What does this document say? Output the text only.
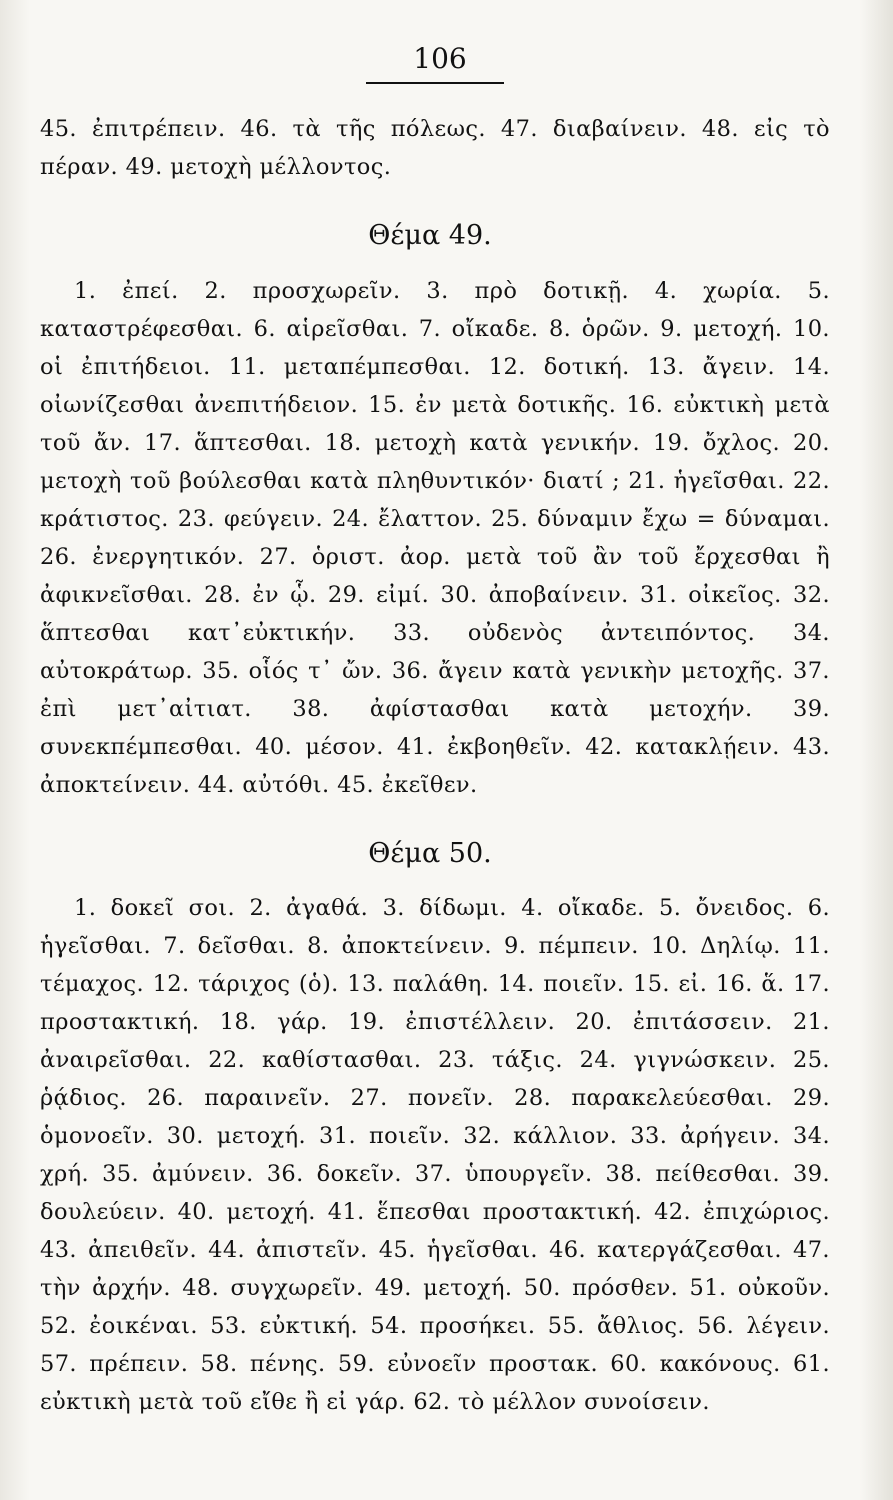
106
45. ἐπιτρέπειν. 46. τὰ τῆς πόλεως. 47. διαβαίνειν. 48. εἰς τὸ πέραν. 49. μετοχὴ μέλλοντος.
Θέμα 49.
1. ἐπεί. 2. προσχωρεῖν. 3. πρὸ δοτικῇ. 4. χωρία. 5. καταστρέφεσθαι. 6. αἱρεῖσθαι. 7. οἴκαδε. 8. ὁρῶν. 9. μετοχή. 10. οἱ ἐπιτήδειοι. 11. μεταπέμπεσθαι. 12. δοτική. 13. ἄγειν. 14. οἰωνίζεσθαι ἀνεπιτήδειον. 15. ἐν μετὰ δοτικῆς. 16. εὐκτικὴ μετὰ τοῦ ἄν. 17. ἅπτεσθαι. 18. μετοχὴ κατὰ γενικήν. 19. ὄχλος. 20. μετοχὴ τοῦ βούλεσθαι κατὰ πληθυντικόν· διατί ; 21. ἡγεῖσθαι. 22. κράτιστος. 23. φεύγειν. 24. ἔλαττον. 25. δύναμιν ἔχω = δύναμαι. 26. ἐνεργητικόν. 27. ὁριστ. ἀορ. μετὰ τοῦ ἂν τοῦ ἔρχεσθαι ἢ ἀφικνεῖσθαι. 28. ἐν ᾧ. 29. εἰμί. 30. ἀποβαίνειν. 31. οἰκεῖος. 32. ἅπτεσθαι κατ᾽εὐκτικήν. 33. οὐδενὸς ἀντειπόντος. 34. αὐτοκράτωρ. 35. οἷός τ᾽ ὤν. 36. ἄγειν κατὰ γενικὴν μετοχῆς. 37. ἐπὶ μετ᾽αἰτιατ. 38. ἀφίστασθαι κατὰ μετοχήν. 39. συνεκπέμπεσθαι. 40. μέσον. 41. ἐκβοηθεῖν. 42. κατακλῄειν. 43. ἀποκτείνειν. 44. αὐτόθι. 45. ἐκεῖθεν.
Θέμα 50.
1. δοκεῖ σοι. 2. ἀγαθά. 3. δίδωμι. 4. οἴκαδε. 5. ὄνειδος. 6. ἡγεῖσθαι. 7. δεῖσθαι. 8. ἀποκτείνειν. 9. πέμπειν. 10. Δηλίῳ. 11. τέμαχος. 12. τάριχος (ὁ). 13. παλάθη. 14. ποιεῖν. 15. εἰ. 16. ἅ. 17. προστακτική. 18. γάρ. 19. ἐπιστέλλειν. 20. ἐπιτάσσειν. 21. ἀναιρεῖσθαι. 22. καθίστασθαι. 23. τάξις. 24. γιγνώσκειν. 25. ῥᾴδιος. 26. παραινεῖν. 27. πονεῖν. 28. παρακελεύεσθαι. 29. ὁμονοεῖν. 30. μετοχή. 31. ποιεῖν. 32. κάλλιον. 33. ἀρήγειν. 34. χρή. 35. ἀμύνειν. 36. δοκεῖν. 37. ὑπουργεῖν. 38. πείθεσθαι. 39. δουλεύειν. 40. μετοχή. 41. ἕπεσθαι προστακτική. 42. ἐπιχώριος. 43. ἀπειθεῖν. 44. ἀπιστεῖν. 45. ἡγεῖσθαι. 46. κατεργάζεσθαι. 47. τὴν ἀρχήν. 48. συγχωρεῖν. 49. μετοχή. 50. πρόσθεν. 51. οὐκοῦν. 52. ἐοικέναι. 53. εὐκτική. 54. προσήκει. 55. ἄθλιος. 56. λέγειν. 57. πρέπειν. 58. πένης. 59. εὐνοεῖν προστακ. 60. κακόνους. 61. εὐκτικὴ μετὰ τοῦ εἴθε ἢ εἰ γάρ. 62. τὸ μέλλον συνοίσειν.
